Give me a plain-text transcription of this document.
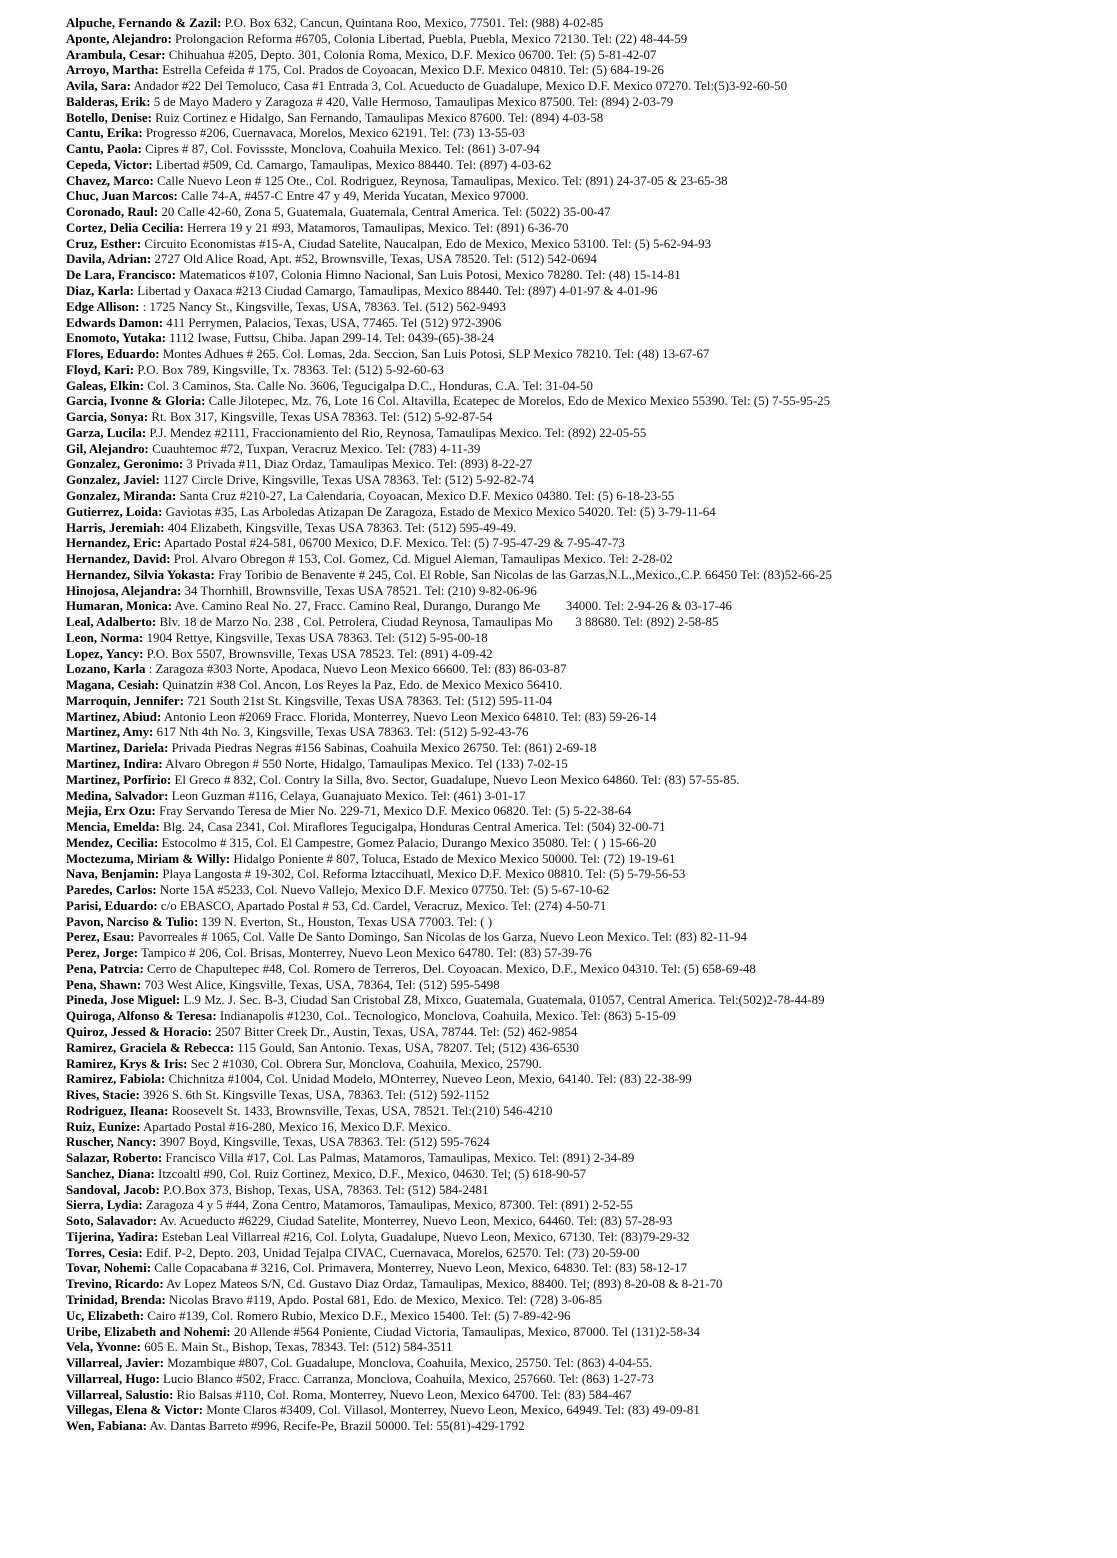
Alpuche, Fernando & Zazil: P.O. Box 632, Cancun, Quintana Roo, Mexico, 77501. Tel: (988) 4-02-85
Aponte, Alejandro: Prolongacion Reforma #6705, Colonia Libertad, Puebla, Puebla, Mexico 72130. Tel: (22) 48-44-59
Arambula, Cesar: Chihuahua #205, Depto. 301, Colonia Roma, Mexico, D.F. Mexico 06700. Tel: (5) 5-81-42-07
Arroyo, Martha: Estrella Cefeida # 175, Col. Prados de Coyoacan, Mexico D.F. Mexico 04810. Tel: (5) 684-19-26
Avila, Sara: Andador #22 Del Temoluco, Casa #1 Entrada 3, Col. Acueducto de Guadalupe, Mexico D.F. Mexico 07270. Tel:(5)3-92-60-50
Balderas, Erik: 5 de Mayo Madero y Zaragoza # 420, Valle Hermoso, Tamaulipas Mexico 87500. Tel: (894) 2-03-79
Botello, Denise: Ruiz Cortinez e Hidalgo, San Fernando, Tamaulipas Mexico 87600. Tel: (894) 4-03-58
Cantu, Erika: Progresso #206, Cuernavaca, Morelos, Mexico 62191. Tel: (73) 13-55-03
Cantu, Paola: Cipres # 87, Col. Fovissste, Monclova, Coahuila Mexico. Tel: (861) 3-07-94
Cepeda, Victor: Libertad #509, Cd. Camargo, Tamaulipas, Mexico 88440. Tel: (897) 4-03-62
Chavez, Marco: Calle Nuevo Leon # 125 Ote., Col. Rodriguez, Reynosa, Tamaulipas, Mexico. Tel: (891) 24-37-05 & 23-65-38
Chuc, Juan Marcos: Calle 74-A, #457-C Entre 47 y 49, Merida Yucatan, Mexico 97000.
Coronado, Raul: 20 Calle 42-60, Zona 5, Guatemala, Guatemala, Central America. Tel: (5022) 35-00-47
Cortez, Delia Cecilia: Herrera 19 y 21 #93, Matamoros, Tamaulipas, Mexico. Tel: (891) 6-36-70
Cruz, Esther: Circuito Economistas #15-A, Ciudad Satelite, Naucalpan, Edo de Mexico, Mexico 53100. Tel: (5) 5-62-94-93
Davila, Adrian: 2727 Old Alice Road, Apt. #52, Brownsville, Texas, USA 78520. Tel: (512) 542-0694
De Lara, Francisco: Matematicos #107, Colonia Himno Nacional, San Luis Potosi, Mexico 78280. Tel: (48) 15-14-81
Diaz, Karla: Libertad y Oaxaca #213 Ciudad Camargo, Tamaulipas, Mexico 88440. Tel: (897) 4-01-97 & 4-01-96
Edge Allison: : 1725 Nancy St., Kingsville, Texas, USA, 78363. Tel. (512) 562-9493
Edwards Damon: 411 Perrymen, Palacios, Texas, USA, 77465. Tel (512) 972-3906
Enomoto, Yutaka: 1112 Iwase, Futtsu, Chiba. Japan 299-14. Tel: 0439-(65)-38-24
Flores, Eduardo: Montes Adhues # 265. Col. Lomas, 2da. Seccion, San Luis Potosi, SLP Mexico 78210. Tel: (48) 13-67-67
Floyd, Kari: P.O. Box 789, Kingsville, Tx. 78363. Tel: (512) 5-92-60-63
Galeas, Elkin: Col. 3 Caminos, Sta. Calle No. 3606, Tegucigalpa D.C., Honduras, C.A. Tel: 31-04-50
Garcia, Ivonne & Gloria: Calle Jilotepec, Mz. 76, Lote 16 Col. Altavilla, Ecatepec de Morelos, Edo de Mexico Mexico 55390. Tel: (5) 7-55-95-25
Garcia, Sonya: Rt. Box 317, Kingsville, Texas USA 78363. Tel: (512) 5-92-87-54
Garza, Lucila: P.J. Mendez #2111, Fraccionamiento del Rio, Reynosa, Tamaulipas Mexico. Tel: (892) 22-05-55
Gil, Alejandro: Cuauhtemoc #72, Tuxpan, Veracruz Mexico. Tel: (783) 4-11-39
Gonzalez, Geronimo: 3 Privada #11, Diaz Ordaz, Tamaulipas Mexico. Tel: (893) 8-22-27
Gonzalez, Javiel: 1127 Circle Drive, Kingsville, Texas USA 78363. Tel: (512) 5-92-82-74
Gonzalez, Miranda: Santa Cruz #210-27, La Calendaria, Coyoacan, Mexico D.F. Mexico 04380. Tel: (5) 6-18-23-55
Gutierrez, Loida: Gaviotas #35, Las Arboledas Atizapan De Zaragoza, Estado de Mexico Mexico 54020. Tel: (5) 3-79-11-64
Harris, Jeremiah: 404 Elizabeth, Kingsville, Texas USA 78363. Tel: (512) 595-49-49.
Hernandez, Eric: Apartado Postal #24-581, 06700 Mexico, D.F. Mexico. Tel: (5) 7-95-47-29 & 7-95-47-73
Hernandez, David: Prol. Alvaro Obregon # 153, Col. Gomez, Cd. Miguel Aleman, Tamaulipas Mexico. Tel: 2-28-02
Hernandez, Silvia Yokasta: Fray Toribio de Benavente # 245, Col. El Roble, San Nicolas de las Garzas,N.L.,Mexico.,C.P. 66450 Tel: (83)52-66-25
Hinojosa, Alejandra: 34 Thornhill, Brownsville, Texas USA 78521. Tel: (210) 9-82-06-96
Humaran, Monica: Ave. Camino Real No. 27, Fracc. Camino Real, Durango, Durango Me        34000. Tel: 2-94-26 & 03-17-46
Leal, Adalberto: Blv. 18 de Marzo No. 238 , Col. Petrolera, Ciudad Reynosa, Tamaulipas Mo       3 88680. Tel: (892) 2-58-85
Leon, Norma: 1904 Rettye, Kingsville, Texas USA 78363. Tel: (512) 5-95-00-18
Lopez, Yancy: P.O. Box 5507, Brownsville, Texas USA 78523. Tel: (891) 4-09-42
Lozano, Karla : Zaragoza #303 Norte, Apodaca, Nuevo Leon Mexico 66600. Tel: (83) 86-03-87
Magana, Cesiah: Quinatzin #38 Col. Ancon, Los Reyes la Paz, Edo. de Mexico Mexico 56410.
Marroquin, Jennifer: 721 South 21st St. Kingsville, Texas USA 78363. Tel: (512) 595-11-04
Martinez, Abiud: Antonio Leon #2069 Fracc. Florida, Monterrey, Nuevo Leon Mexico 64810. Tel: (83) 59-26-14
Martinez, Amy: 617 Nth 4th No. 3, Kingsville, Texas USA 78363. Tel: (512) 5-92-43-76
Martinez, Dariela: Privada Piedras Negras #156 Sabinas, Coahuila Mexico 26750. Tel: (861) 2-69-18
Martinez, Indira: Alvaro Obregon # 550 Norte, Hidalgo, Tamaulipas Mexico. Tel (133) 7-02-15
Martinez, Porfirio: El Greco # 832, Col. Contry la Silla, 8vo. Sector, Guadalupe, Nuevo Leon Mexico 64860. Tel: (83) 57-55-85.
Medina, Salvador: Leon Guzman #116, Celaya, Guanajuato Mexico. Tel: (461) 3-01-17
Mejia, Erx Ozu: Fray Servando Teresa de Mier No. 229-71, Mexico D.F. Mexico 06820. Tel: (5) 5-22-38-64
Mencia, Emelda: Blg. 24, Casa 2341, Col. Miraflores Tegucigalpa, Honduras Central America. Tel: (504) 32-00-71
Mendez, Cecilia: Estocolmo # 315, Col. El Campestre, Gomez Palacio, Durango Mexico 35080. Tel: ( ) 15-66-20
Moctezuma, Miriam & Willy: Hidalgo Poniente # 807, Toluca, Estado de Mexico Mexico 50000. Tel: (72) 19-19-61
Nava, Benjamin: Playa Langosta # 19-302, Col. Reforma Iztaccihuatl, Mexico D.F. Mexico 08810. Tel: (5) 5-79-56-53
Paredes, Carlos: Norte 15A #5233, Col. Nuevo Vallejo, Mexico D.F. Mexico 07750. Tel: (5) 5-67-10-62
Parisi, Eduardo: c/o EBASCO, Apartado Postal # 53, Cd. Cardel, Veracruz, Mexico. Tel: (274) 4-50-71
Pavon, Narciso & Tulio: 139 N. Everton, St., Houston, Texas USA 77003. Tel: ( )
Perez, Esau: Pavorreales # 1065, Col. Valle De Santo Domingo, San Nicolas de los Garza, Nuevo Leon Mexico. Tel: (83) 82-11-94
Perez, Jorge: Tampico # 206, Col. Brisas, Monterrey, Nuevo Leon Mexico 64780. Tel: (83) 57-39-76
Pena, Patrcia: Cerro de Chapultepec #48, Col. Romero de Terreros, Del. Coyoacan. Mexico, D.F., Mexico 04310. Tel: (5) 658-69-48
Pena, Shawn: 703 West Alice, Kingsville, Texas, USA, 78364, Tel: (512) 595-5498
Pineda, Jose Miguel: L.9 Mz. J. Sec. B-3, Ciudad San Cristobal Z8, Mixco, Guatemala, Guatemala, 01057, Central America. Tel:(502)2-78-44-89
Quiroga, Alfonso & Teresa: Indianapolis #1230, Col.. Tecnologico, Monclova, Coahuila, Mexico. Tel: (863) 5-15-09
Quiroz, Jessed & Horacio: 2507 Bitter Creek Dr., Austin, Texas, USA, 78744. Tel: (52) 462-9854
Ramirez, Graciela & Rebecca: 115 Gould, San Antonio. Texas, USA, 78207. Tel; (512) 436-6530
Ramirez, Krys & Iris: Sec 2 #1030, Col. Obrera Sur, Monclova, Coahuila, Mexico, 25790.
Ramirez, Fabiola: Chichnitza #1004, Col. Unidad Modelo, MOnterrey, Nueveo Leon, Mexio, 64140. Tel: (83) 22-38-99
Rives, Stacie: 3926 S. 6th St. Kingsville Texas, USA, 78363. Tel: (512) 592-1152
Rodriguez, Ileana: Roosevelt St. 1433, Brownsville, Texas, USA, 78521. Tel:(210) 546-4210
Ruiz, Eunize: Apartado Postal #16-280, Mexico 16, Mexico D.F. Mexico.
Ruscher, Nancy: 3907 Boyd, Kingsville, Texas, USA 78363. Tel: (512) 595-7624
Salazar, Roberto: Francisco Villa #17, Col. Las Palmas, Matamoros, Tamaulipas, Mexico. Tel: (891) 2-34-89
Sanchez, Diana: Itzcoaltl #90, Col. Ruiz Cortinez, Mexico, D.F., Mexico, 04630. Tel; (5) 618-90-57
Sandoval, Jacob: P.O.Box 373, Bishop, Texas, USA, 78363. Tel: (512) 584-2481
Sierra, Lydia: Zaragoza 4 y 5 #44, Zona Centro, Matamoros, Tamaulipas, Mexico, 87300. Tel: (891) 2-52-55
Soto, Salavador: Av. Acueducto #6229, Ciudad Satelite, Monterrey, Nuevo Leon, Mexico, 64460. Tel: (83) 57-28-93
Tijerina, Yadira: Esteban Leal Villarreal #216, Col. Lolyta, Guadalupe, Nuevo Leon, Mexico, 67130. Tel: (83)79-29-32
Torres, Cesia: Edif. P-2, Depto. 203, Unidad Tejalpa CIVAC, Cuernavaca, Morelos, 62570. Tel: (73) 20-59-00
Tovar, Nohemi: Calle Copacabana # 3216, Col. Primavera, Monterrey, Nuevo Leon, Mexico, 64830. Tel: (83) 58-12-17
Trevino, Ricardo: Av Lopez Mateos S/N, Cd. Gustavo Diaz Ordaz, Tamaulipas, Mexico, 88400. Tel; (893) 8-20-08 & 8-21-70
Trinidad, Brenda: Nicolas Bravo #119, Apdo. Postal 681, Edo. de Mexico, Mexico. Tel: (728) 3-06-85
Uc, Elizabeth: Cairo #139, Col. Romero Rubio, Mexico D.F., Mexico 15400. Tel: (5) 7-89-42-96
Uribe, Elizabeth and Nohemi: 20 Allende #564 Poniente, Ciudad Victoria, Tamaulipas, Mexico, 87000. Tel (131)2-58-34
Vela, Yvonne: 605 E. Main St., Bishop, Texas, 78343. Tel: (512) 584-3511
Villarreal, Javier: Mozambique #807, Col. Guadalupe, Monclova, Coahuila, Mexico, 25750. Tel: (863) 4-04-55.
Villarreal, Hugo: Lucio Blanco #502, Fracc. Carranza, Monclova, Coahuila, Mexico, 257660. Tel: (863) 1-27-73
Villarreal, Salustio: Rio Balsas #110, Col. Roma, Monterrey, Nuevo Leon, Mexico 64700. Tel: (83) 584-467
Villegas, Elena & Victor: Monte Claros #3409, Col. Villasol, Monterrey, Nuevo Leon, Mexico, 64949. Tel: (83) 49-09-81
Wen, Fabiana: Av. Dantas Barreto #996, Recife-Pe, Brazil 50000. Tel: 55(81)-429-1792
